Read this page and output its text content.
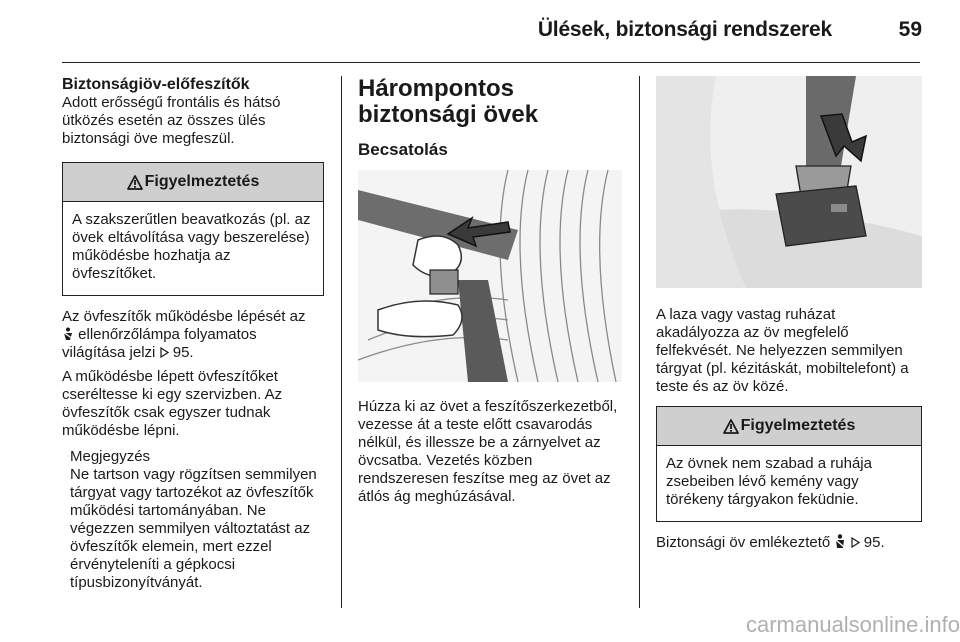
Ülések, biztonsági rendszerek	59
Biztonságiöv-előfeszítők

Adott erősségű frontális és hátsó ütközés esetén az összes ülés biztonsági öve megfeszül.

Figyelmeztetés
A szakszerűtlen beavatkozás (pl. az övek eltávolítása vagy beszerelése) működésbe hozhatja az övfeszítőket.

Az övfeszítők működésbe lépését az
ellenőrzőlámpa folyamatos világítása jelzi 95.

A működésbe lépett övfeszítőket cseréltesse ki egy szervizben. Az övfeszítők csak egyszer tudnak működésbe lépni.

Megjegyzés

Ne tartson vagy rögzítsen semmilyen tárgyat vagy tartozékot az övfeszítők működési tartományában. Ne végezzen semmilyen változtatást az övfeszítők elemein, mert ezzel érvényteleníti a gépkocsi típusbizonyítványát.

Hárompontos biztonsági övek
Becsatolás

Húzza ki az övet a feszítőszerkezetből, vezesse át a teste előtt csavarodás nélkül, és illessze be a zárnyelvet az övcsatba. Vezetés közben rendszeresen feszítse meg az övet az átlós ág meghúzásával.

A laza vagy vastag ruházat akadályozza az öv megfelelő felfekvését. Ne helyezzen semmilyen tárgyat (pl. kézitáskát, mobiltelefont) a teste és az öv közé.

Figyelmeztetés
Az övnek nem szabad a ruhája zsebeiben lévő kemény vagy törékeny tárgyakon feküdnie.

Biztonsági öv emlékeztető 95.

carmanualsonline.info
